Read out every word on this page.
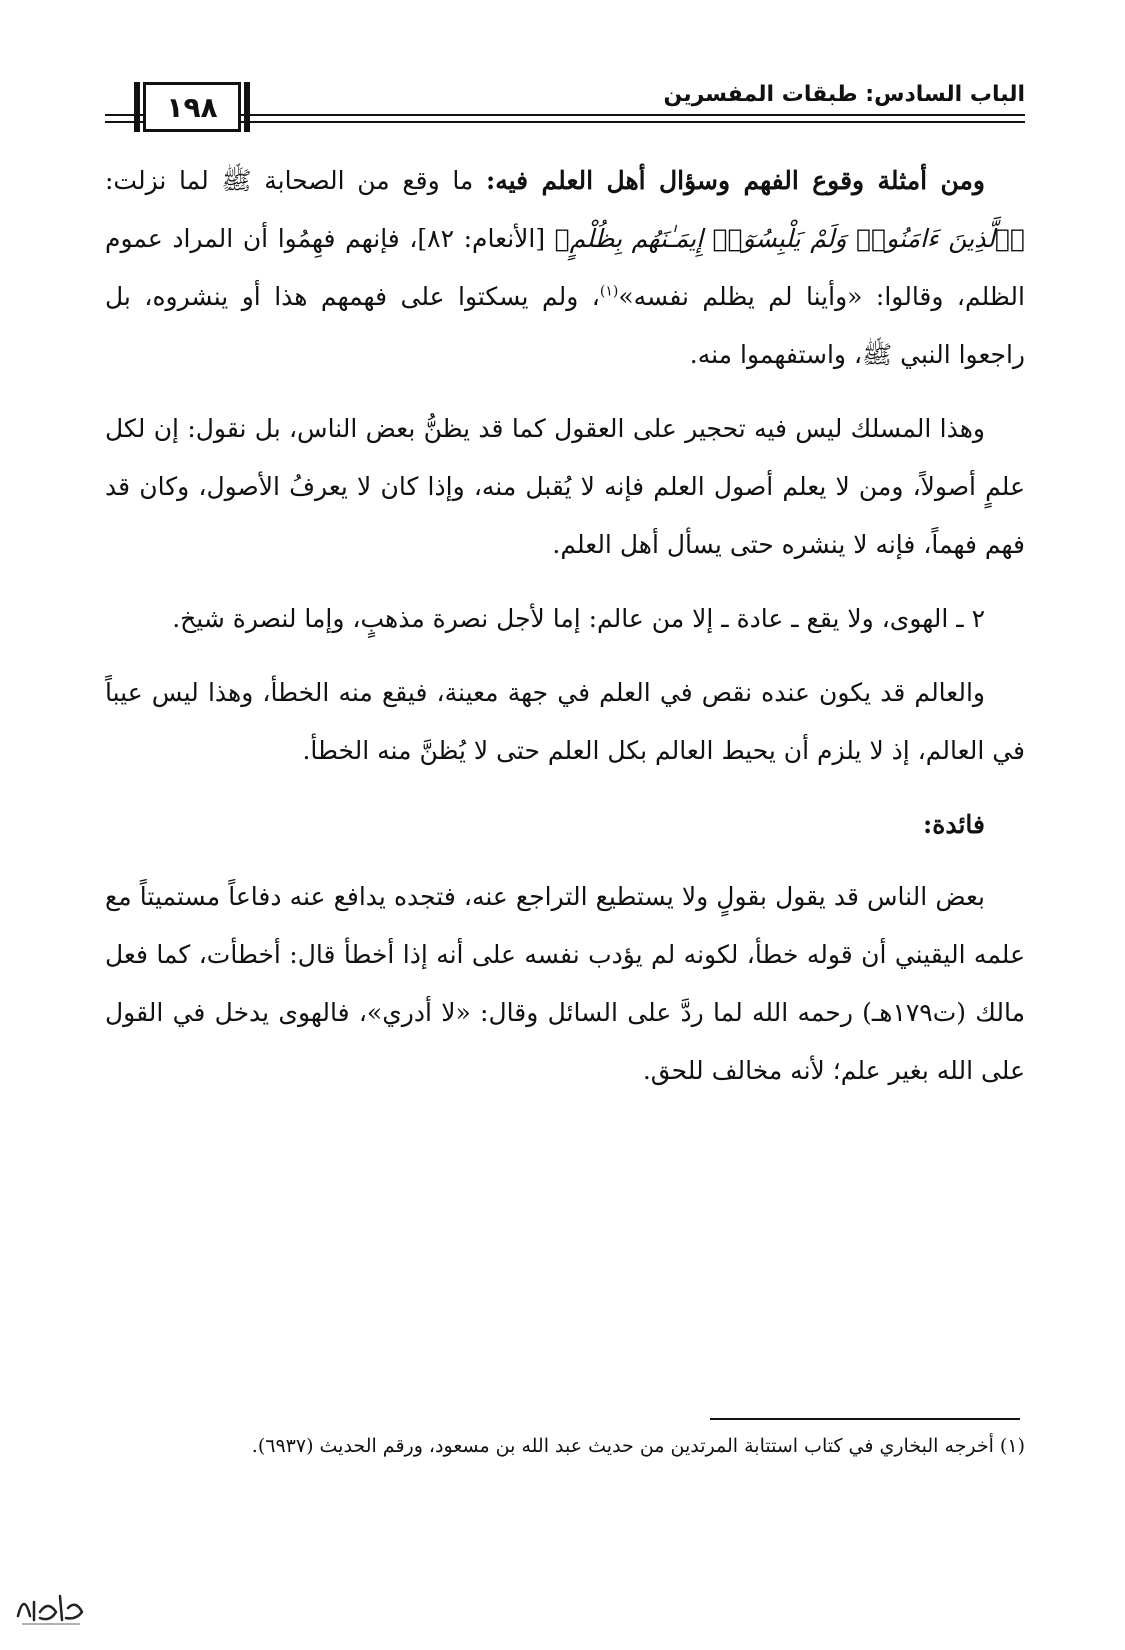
١٩٨	الباب السادس: طبقات المفسرين

ومن أمثلة وقوع الفهم وسؤال أهل العلم فيه: ما وقع من الصحابة ﷺ لما نزلت: ﴿ٱلَّذِينَ ءَامَنُوا۟ وَلَمْ يَلْبِسُوٓا۟ إِيمَـٰنَهُم بِظُلْمٍ﴾ [الأنعام: ٨٢]، فإنهم فهِمُوا أن المراد عموم الظلم، وقالوا: «وأينا لم يظلم نفسه»$^{(١)}$، ولم يسكتوا على فهمهم هذا أو ينشروه، بل راجعوا النبي ﷺ، واستفهموا منه.

وهذا المسلك ليس فيه تحجير على العقول كما قد يظنُّ بعض الناس، بل نقول: إن لكل علمٍ أصولاً، ومن لا يعلم أصول العلم فإنه لا يُقبل منه، وإذا كان لا يعرفُ الأصول، وكان قد فهم فهماً، فإنه لا ينشره حتى يسأل أهل العلم.

٢ ـ الهوى، ولا يقع ـ عادة ـ إلا من عالم: إما لأجل نصرة مذهبٍ، وإما لنصرة شيخ.

والعالم قد يكون عنده نقص في العلم في جهة معينة، فيقع منه الخطأ، وهذا ليس عيباً في العالم، إذ لا يلزم أن يحيط العالم بكل العلم حتى لا يُظنَّ منه الخطأ.

فائدة:

بعض الناس قد يقول بقولٍ ولا يستطيع التراجع عنه، فتجده يدافع عنه دفاعاً مستميتاً مع علمه اليقيني أن قوله خطأ، لكونه لم يؤدب نفسه على أنه إذا أخطأ قال: أخطأت، كما فعل مالك (ت١٧٩هـ) رحمه الله لما ردَّ على السائل وقال: «لا أدري»، فالهوى يدخل في القول على الله بغير علم؛ لأنه مخالف للحق.

(١) أخرجه البخاري في كتاب استتابة المرتدين من حديث عبد الله بن مسعود، ورقم الحديث (٦٩٣٧).
